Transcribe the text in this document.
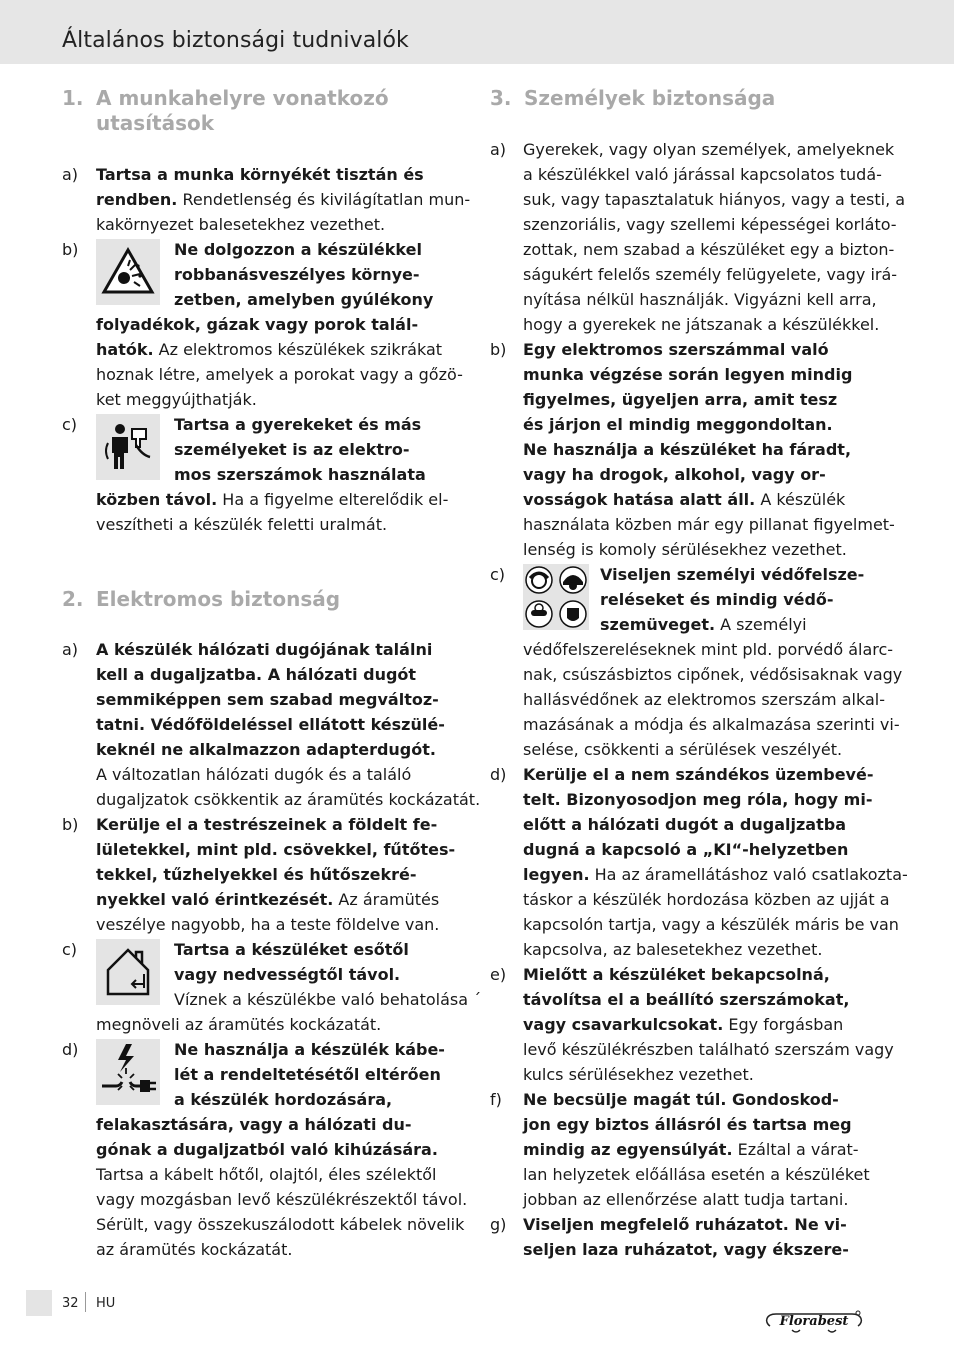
Általános biztonsági tudnivalók
1. A munkahelyre vonatkozó
utasítások
a) Tartsa a munka környékét tisztán és
rendben. Rendetlenség és kivilágítatlan mun-
kakörnyezet balesetekhez vezethet.
b)	Ne dolgozzon a készülékkel
robbanásveszélyes környe-
zetben, amelyben gyúlékony
folyadékok, gázak vagy porok talál-
hatók. Az elektromos készülékek szikrákat
hoznak létre, amelyek a porokat vagy a gőzö-
ket meggyújthatják.
c)	Tartsa a gyerekeket és más
személyeket is az elektro-
mos szerszámok használata
közben távol. Ha a figyelme elterelődik el-
veszítheti a készülék feletti uralmát.
2. Elektromos biztonság
a) A készülék hálózati dugójának találni
kell a dugaljzatba. A hálózati dugót
semmiképpen sem szabad megváltoz-
tatni. Védőföldeléssel ellátott készülé-
keknél ne alkalmazzon adapterdugót.
A változatlan hálózati dugók és a találó
dugaljzatok csökkentik az áramütés kockázatát.
b) Kerülje el a testrészeinek a földelt fe-
lületekkel, mint pld. csövekkel, fűtőtes-
tekkel, tűzhelyekkel és hűtőszekré-
nyekkel való érintkezését. Az áramütés
veszélye nagyobb, ha a teste földelve van.
c)	Tartsa a készüléket esőtől
vagy nedvességtől távol.
Víznek a készülékbe való behatolása ´
megnöveli az áramütés kockázatát.
d)	Ne használja a készülék kábe-
lét a rendeltetésétől eltérően
a készülék hordozására,
felakasztására, vagy a hálózati du-
gónak a dugaljzatból való kihúzására.
Tartsa a kábelt hőtől, olajtól, éles szélektől
vagy mozgásban levő készülékrészektől távol.
Sérült, vagy összekuszálodott kábelek növelik
az áramütés kockázatát.
3. Személyek biztonsága
a) Gyerekek, vagy olyan személyek, amelyeknek
a készülékkel való járással kapcsolatos tudá-
suk, vagy tapasztalatuk hiányos, vagy a testi, a
szenzoriális, vagy szellemi képességei korláto-
zottak, nem szabad a készüléket egy a bizton-
ságukért felelős személy felügyelete, vagy irá-
nyítása nélkül használják. Vigyázni kell arra,
hogy a gyerekek ne játszanak a készülékkel.
b) Egy elektromos szerszámmal való
munka végzése során legyen mindig
figyelmes, ügyeljen arra, amit tesz
és járjon el mindig meggondoltan.
Ne használja a készüléket ha fáradt,
vagy ha drogok, alkohol, vagy or-
vosságok hatása alatt áll. A készülék
használata közben már egy pillanat figyelmet-
lenség is komoly sérülésekhez vezethet.
c)	Viseljen személyi védőfelsze-
reléseket és mindig védő-
szemüveget. A személyi
védőfelszereléseknek mint pld. porvédő álarc-
nak, csúszásbiztos cipőnek, védősisaknak vagy
hallásvédőnek az elektromos szerszám alkal-
mazásának a módja és alkalmazása szerinti vi-
selése, csökkenti a sérülések veszélyét.
d) Kerülje el a nem szándékos üzembevé-
telt. Bizonyosodjon meg róla, hogy mi-
előtt a hálózati dugót a dugaljzatba
dugná a kapcsoló a „KI“-helyzetben
legyen. Ha az áramellátáshoz való csatlakozta-
táskor a készülék hordozása közben az ujját a
kapcsolón tartja, vagy a készülék máris be van
kapcsolva, az balesetekhez vezethet.
e) Mielőtt a készüléket bekapcsolná,
távolítsa el a beállító szerszámokat,
vagy csavarkulcsokat. Egy forgásban
levő készülékrészben található szerszám vagy
kulcs sérülésekhez vezethet.
f) Ne becsülje magát túl. Gondoskod-
jon egy biztos állásról és tartsa meg
mindig az egyensúlyát. Ezáltal a várat-
lan helyzetek előállása esetén a készüléket
jobban az ellenőrzése alatt tudja tartani.
g) Viseljen megfelelő ruházatot. Ne vi-
seljen laza ruházatot, vagy ékszere-
32 HU
Florabest
